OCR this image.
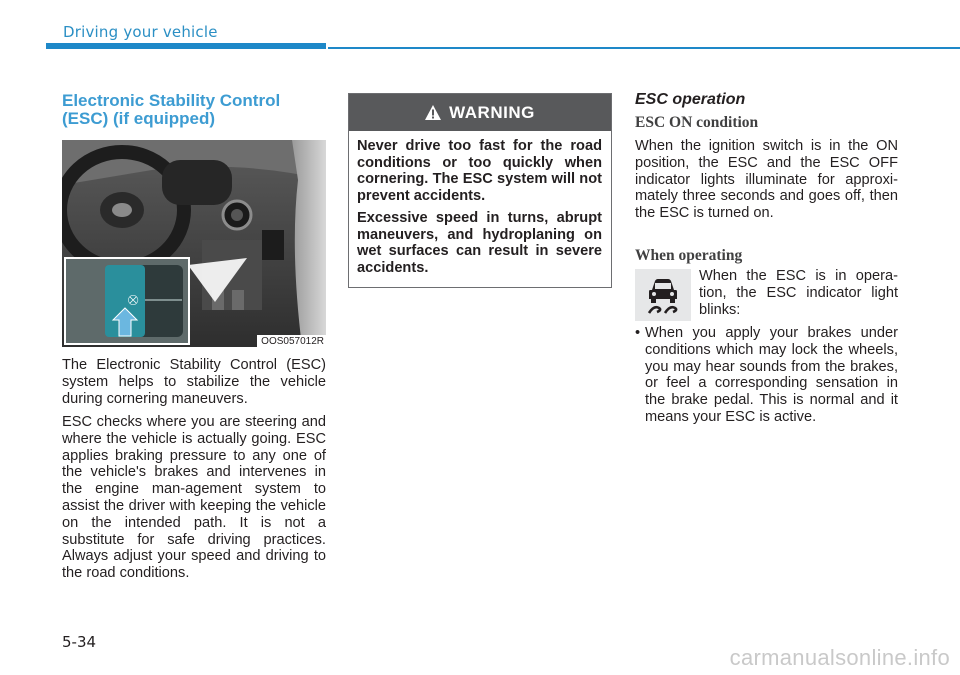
Driving your vehicle
Electronic Stability Control (ESC) (if equipped)
⛒
OOS057012R

The Electronic Stability Control (ESC) system helps to stabilize the vehicle during cornering maneuvers.

ESC checks where you are steering and where the vehicle is actually going. ESC applies braking pressure to any one of the vehicle's brakes and intervenes in the engine man-agement system to assist the driver with keeping the vehicle on the intended path. It is not a substitute for safe driving practices. Always adjust your speed and driving to the road conditions.

WARNING

Never drive too fast for the road conditions or too quickly when cornering. The ESC system will not prevent accidents.

Excessive speed in turns, abrupt maneuvers, and hydroplaning on wet surfaces can result in severe accidents.

ESC operation
ESC ON condition

When the ignition switch is in the ON position, the ESC and the ESC OFF indicator lights illuminate for approxi-mately three seconds and goes off, then the ESC is turned on.

When operating

When the ESC is in opera-tion, the ESC indicator light blinks:

• When you apply your brakes under conditions which may lock the wheels, you may hear sounds from the brakes, or feel a corresponding sensation in the brake pedal. This is normal and it means your ESC is active.
5-34
carmanualsonline.info
